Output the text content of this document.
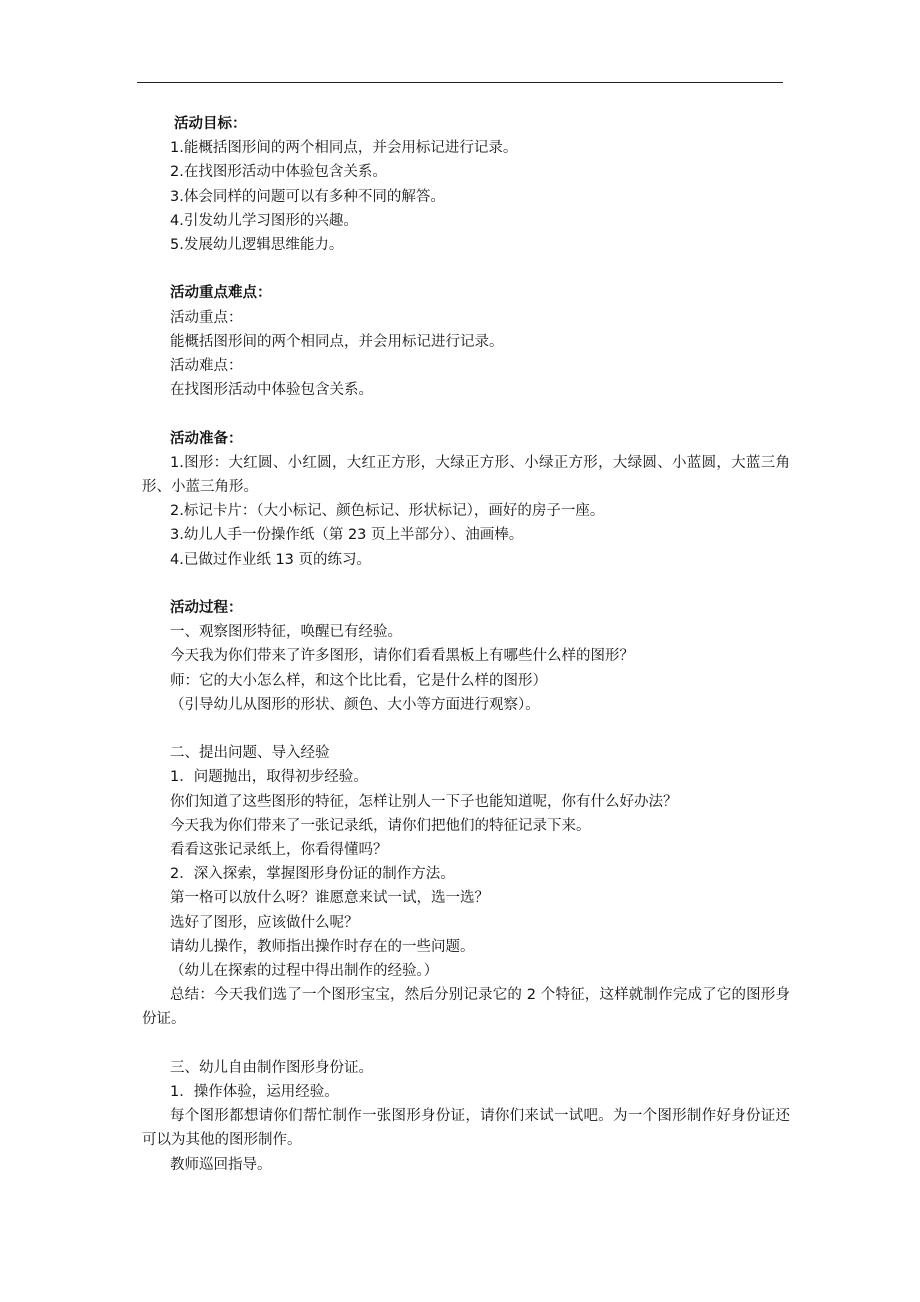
活动目标：

1.能概括图形间的两个相同点，并会用标记进行记录。

2.在找图形活动中体验包含关系。

3.体会同样的问题可以有多种不同的解答。

4.引发幼儿学习图形的兴趣。

5.发展幼儿逻辑思维能力。

活动重点难点：

活动重点：

能概括图形间的两个相同点，并会用标记进行记录。

活动难点：

在找图形活动中体验包含关系。

活动准备：

1.图形：大红圆、小红圆，大红正方形，大绿正方形、小绿正方形，大绿圆、小蓝圆，大蓝三角形、小蓝三角形。

2.标记卡片：（大小标记、颜色标记、形状标记），画好的房子一座。

3.幼儿人手一份操作纸（第 23 页上半部分）、油画棒。

4.已做过作业纸 13 页的练习。

活动过程：

一、观察图形特征，唤醒已有经验。

今天我为你们带来了许多图形，请你们看看黑板上有哪些什么样的图形？

师：它的大小怎么样，和这个比比看，它是什么样的图形）

（引导幼儿从图形的形状、颜色、大小等方面进行观察）。

二、提出问题、导入经验

1．问题抛出，取得初步经验。

你们知道了这些图形的特征，怎样让别人一下子也能知道呢，你有什么好办法？

今天我为你们带来了一张记录纸，请你们把他们的特征记录下来。

看看这张记录纸上，你看得懂吗？

2．深入探索，掌握图形身份证的制作方法。

第一格可以放什么呀？谁愿意来试一试，选一选？

选好了图形，应该做什么呢？

请幼儿操作，教师指出操作时存在的一些问题。

（幼儿在探索的过程中得出制作的经验。）

总结：今天我们选了一个图形宝宝，然后分别记录它的 2 个特征，这样就制作完成了它的图形身份证。

三、幼儿自由制作图形身份证。

1．操作体验，运用经验。

每个图形都想请你们帮忙制作一张图形身份证，请你们来试一试吧。为一个图形制作好身份证还可以为其他的图形制作。

教师巡回指导。
